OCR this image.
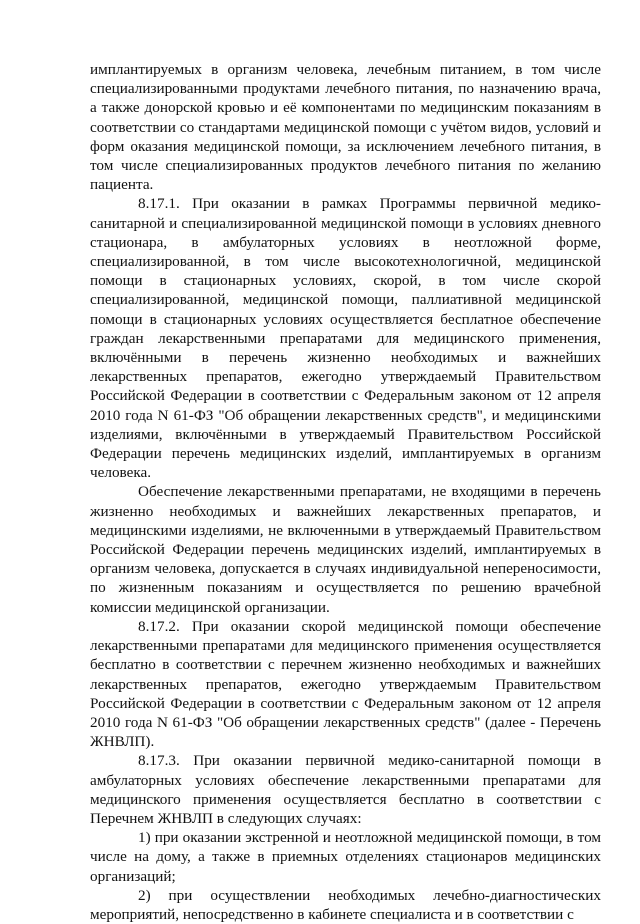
имплантируемых в организм человека, лечебным питанием, в том числе специализированными продуктами лечебного питания, по назначению врача, а также донорской кровью и её компонентами по медицинским показаниям в соответствии со стандартами медицинской помощи с учётом видов, условий и форм оказания медицинской помощи, за исключением лечебного питания, в том числе специализированных продуктов лечебного питания по желанию пациента.

8.17.1. При оказании в рамках Программы первичной медико-санитарной и специализированной медицинской помощи в условиях дневного стационара, в амбулаторных условиях в неотложной форме, специализированной, в том числе высокотехнологичной, медицинской помощи в стационарных условиях, скорой, в том числе скорой специализированной, медицинской помощи, паллиативной медицинской помощи в стационарных условиях осуществляется бесплатное обеспечение граждан лекарственными препаратами для медицинского применения, включёнными в перечень жизненно необходимых и важнейших лекарственных препаратов, ежегодно утверждаемый Правительством Российской Федерации в соответствии с Федеральным законом от 12 апреля 2010 года N 61-ФЗ "Об обращении лекарственных средств", и медицинскими изделиями, включёнными в утверждаемый Правительством Российской Федерации перечень медицинских изделий, имплантируемых в организм человека.

Обеспечение лекарственными препаратами, не входящими в перечень жизненно необходимых и важнейших лекарственных препаратов, и медицинскими изделиями, не включенными в утверждаемый Правительством Российской Федерации перечень медицинских изделий, имплантируемых в организм человека, допускается в случаях индивидуальной непереносимости, по жизненным показаниям и осуществляется по решению врачебной комиссии медицинской организации.

8.17.2. При оказании скорой медицинской помощи обеспечение лекарственными препаратами для медицинского применения осуществляется бесплатно в соответствии с перечнем жизненно необходимых и важнейших лекарственных препаратов, ежегодно утверждаемым Правительством Российской Федерации в соответствии с Федеральным законом от 12 апреля 2010 года N 61-ФЗ "Об обращении лекарственных средств" (далее - Перечень ЖНВЛП).

8.17.3. При оказании первичной медико-санитарной помощи в амбулаторных условиях обеспечение лекарственными препаратами для медицинского применения осуществляется бесплатно в соответствии с Перечнем ЖНВЛП в следующих случаях:

1) при оказании экстренной и неотложной медицинской помощи, в том числе на дому, а также в приемных отделениях стационаров медицинских организаций;

2) при осуществлении необходимых лечебно-диагностических мероприятий, непосредственно в кабинете специалиста и в соответствии с
